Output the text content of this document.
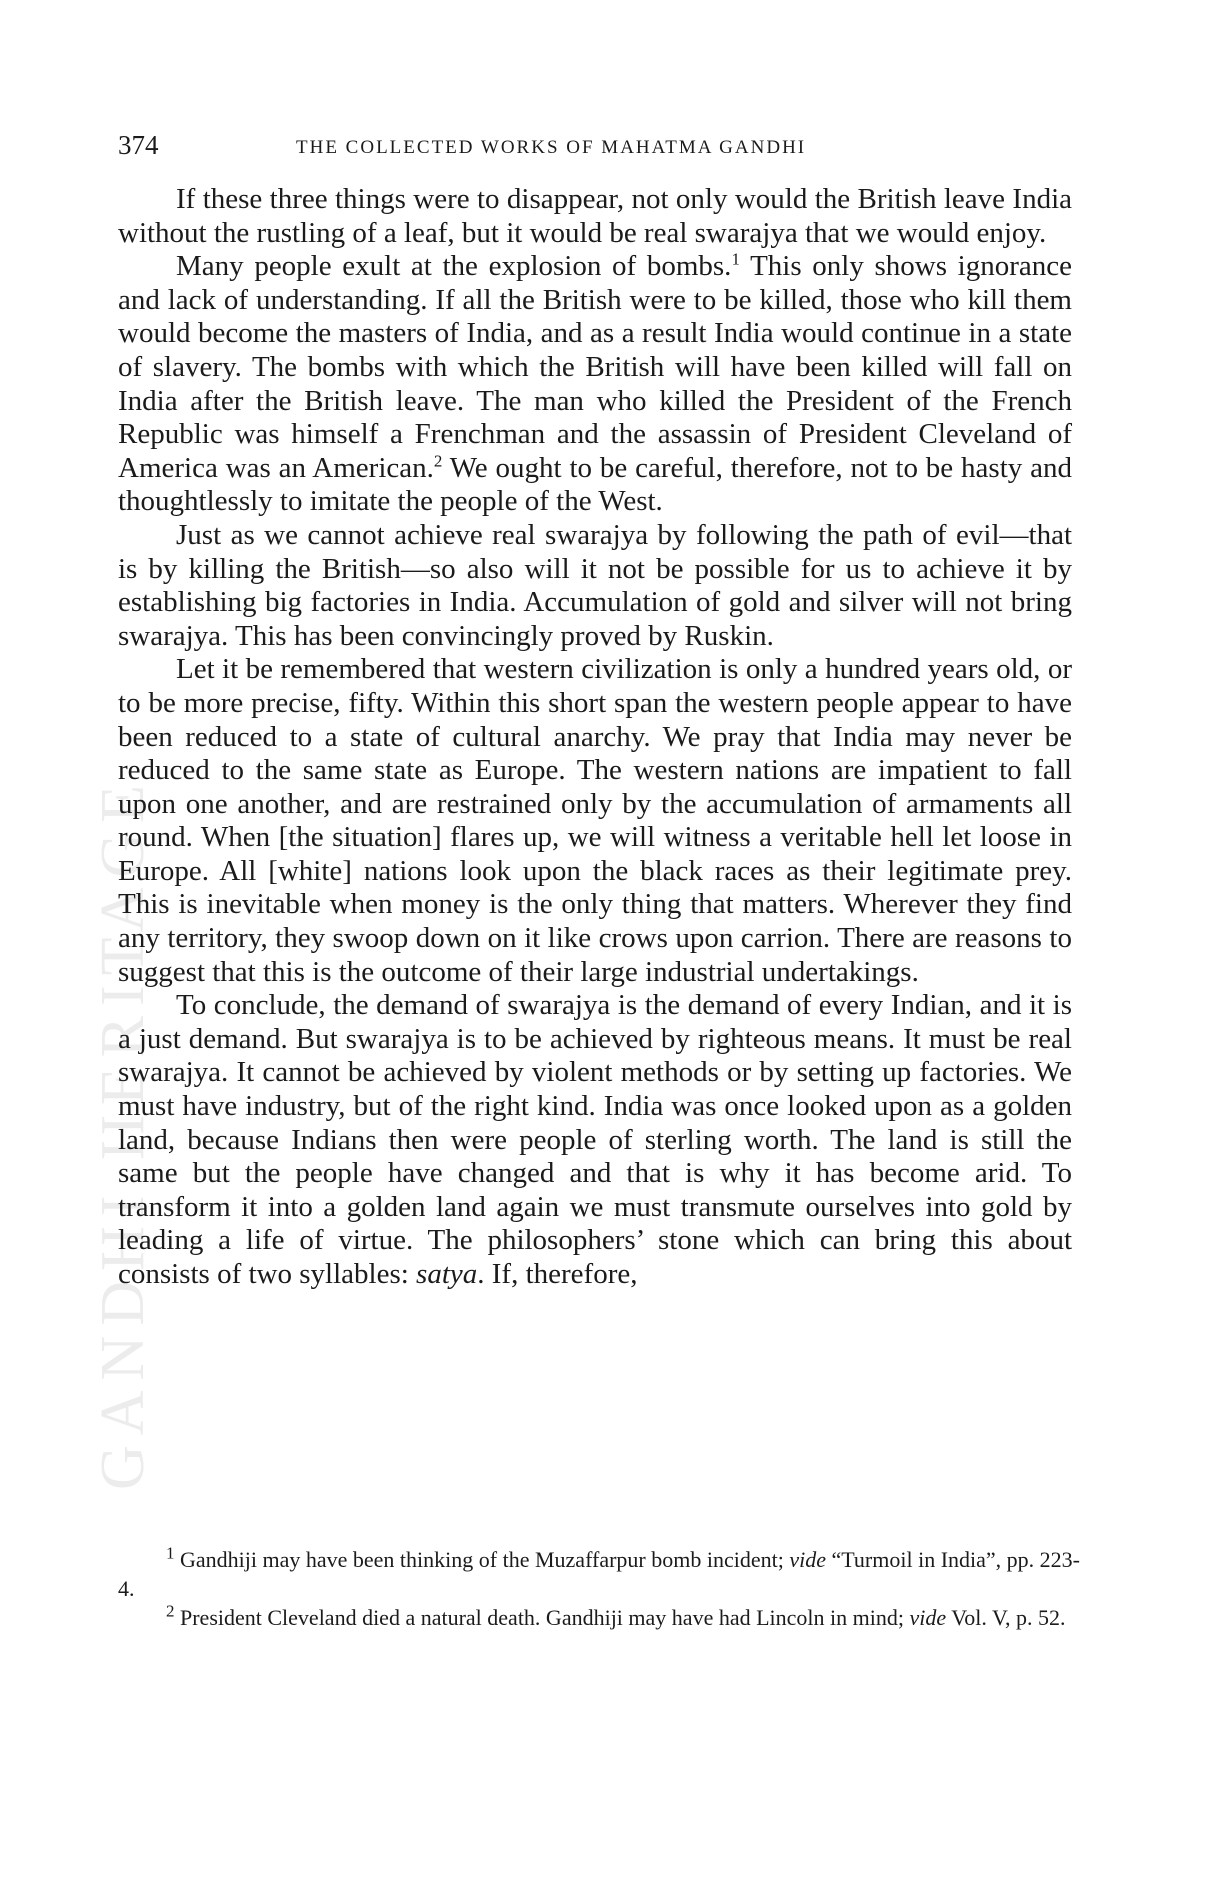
GANDHI HERITAGE
374	THE COLLECTED WORKS OF MAHATMA GANDHI

If these three things were to disappear, not only would the British leave India without the rustling of a leaf, but it would be real swarajya that we would enjoy.

Many people exult at the explosion of bombs.$^1$ This only shows ignorance and lack of understanding. If all the British were to be killed, those who kill them would become the masters of India, and as a result India would continue in a state of slavery. The bombs with which the British will have been killed will fall on India after the British leave. The man who killed the President of the French Republic was himself a Frenchman and the assassin of President Cleveland of America was an American.$^2$ We ought to be careful, therefore, not to be hasty and thoughtlessly to imitate the people of the West.

Just as we cannot achieve real swarajya by following the path of evil—that is by killing the British—so also will it not be possible for us to achieve it by establishing big factories in India. Accumulation of gold and silver will not bring swarajya. This has been convincingly proved by Ruskin.

Let it be remembered that western civilization is only a hundred years old, or to be more precise, fifty. Within this short span the western people appear to have been reduced to a state of cultural anarchy. We pray that India may never be reduced to the same state as Europe. The western nations are impatient to fall upon one another, and are restrained only by the accumulation of armaments all round. When [the situation] flares up, we will witness a veritable hell let loose in Europe. All [white] nations look upon the black races as their legitimate prey. This is inevitable when money is the only thing that matters. Wherever they find any territory, they swoop down on it like crows upon carrion. There are reasons to suggest that this is the outcome of their large industrial undertakings.

To conclude, the demand of swarajya is the demand of every Indian, and it is a just demand. But swarajya is to be achieved by righteous means. It must be real swarajya. It cannot be achieved by violent methods or by setting up factories. We must have industry, but of the right kind. India was once looked upon as a golden land, because Indians then were people of sterling worth. The land is still the same but the people have changed and that is why it has become arid. To transform it into a golden land again we must transmute ourselves into gold by leading a life of virtue. The philosophers’ stone which can bring this about consists of two syllables: satya. If, therefore,

$^1$ Gandhiji may have been thinking of the Muzaffarpur bomb incident; vide “Turmoil in India”, pp. 223-4.

$^2$ President Cleveland died a natural death. Gandhiji may have had Lincoln in mind; vide Vol. V, p. 52.
